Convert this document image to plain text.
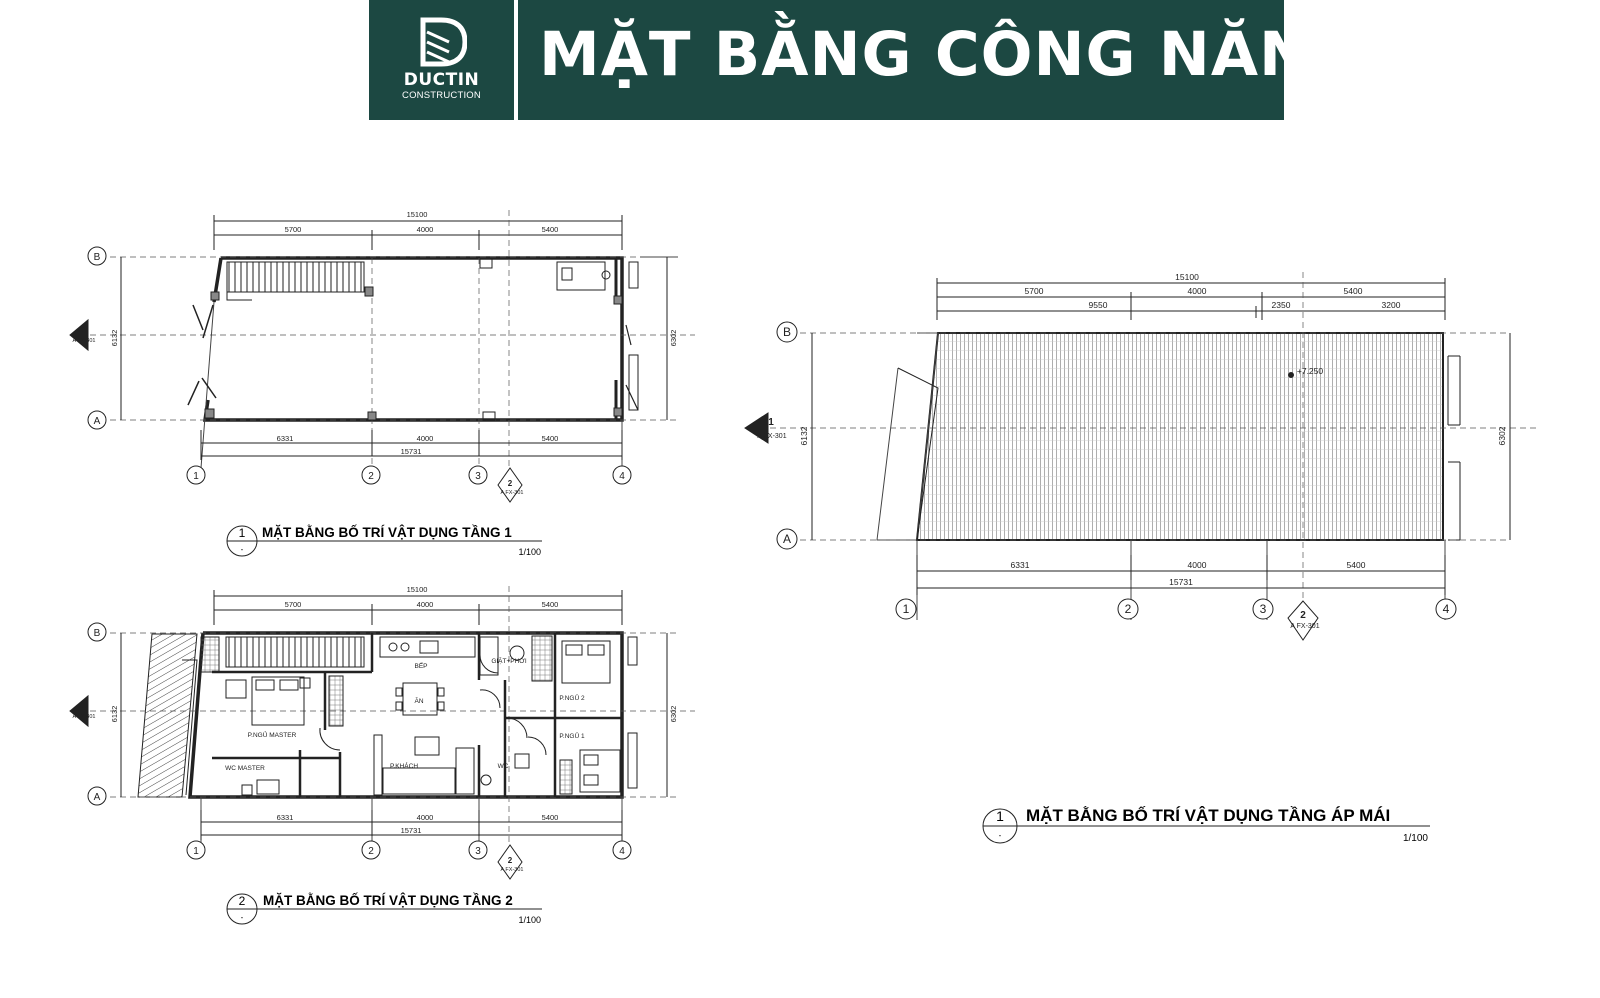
DUCTIN
CONSTRUCTION
MẶT BẰNG CÔNG NĂNG
15100
5700	4000	5400
6331	4000	5400
15731
6132	6302
15100
5700	4000	5400
6331	4000	5400
15731
6132	6302
15100
5700	4000	5400
9550	2350	3200
6331	4000	5400
15731
6132	6302
+7.250
B
A
1	2	3	4
B
A
1	2	3	4
B
A
1	2	3	4
1
1
1
2
2
2
A FX-301
A FX-301
A FX-301
A FX-301
A FX-301
A FX-301
BẾP
ĂN
GIẶT+PHƠI
P.NGỦ 2
P.NGỦ 1
P.NGỦ MASTER
WC MASTER	P.KHÁCH	WC
1
-
MẶT BẰNG BỐ TRÍ VẬT DỤNG TẦNG 1
1/100
2
-
MẶT BẰNG BỐ TRÍ VẬT DỤNG TẦNG 2
1/100
1
-
MẶT BẰNG BỐ TRÍ VẬT DỤNG TẦNG ÁP MÁI
1/100
